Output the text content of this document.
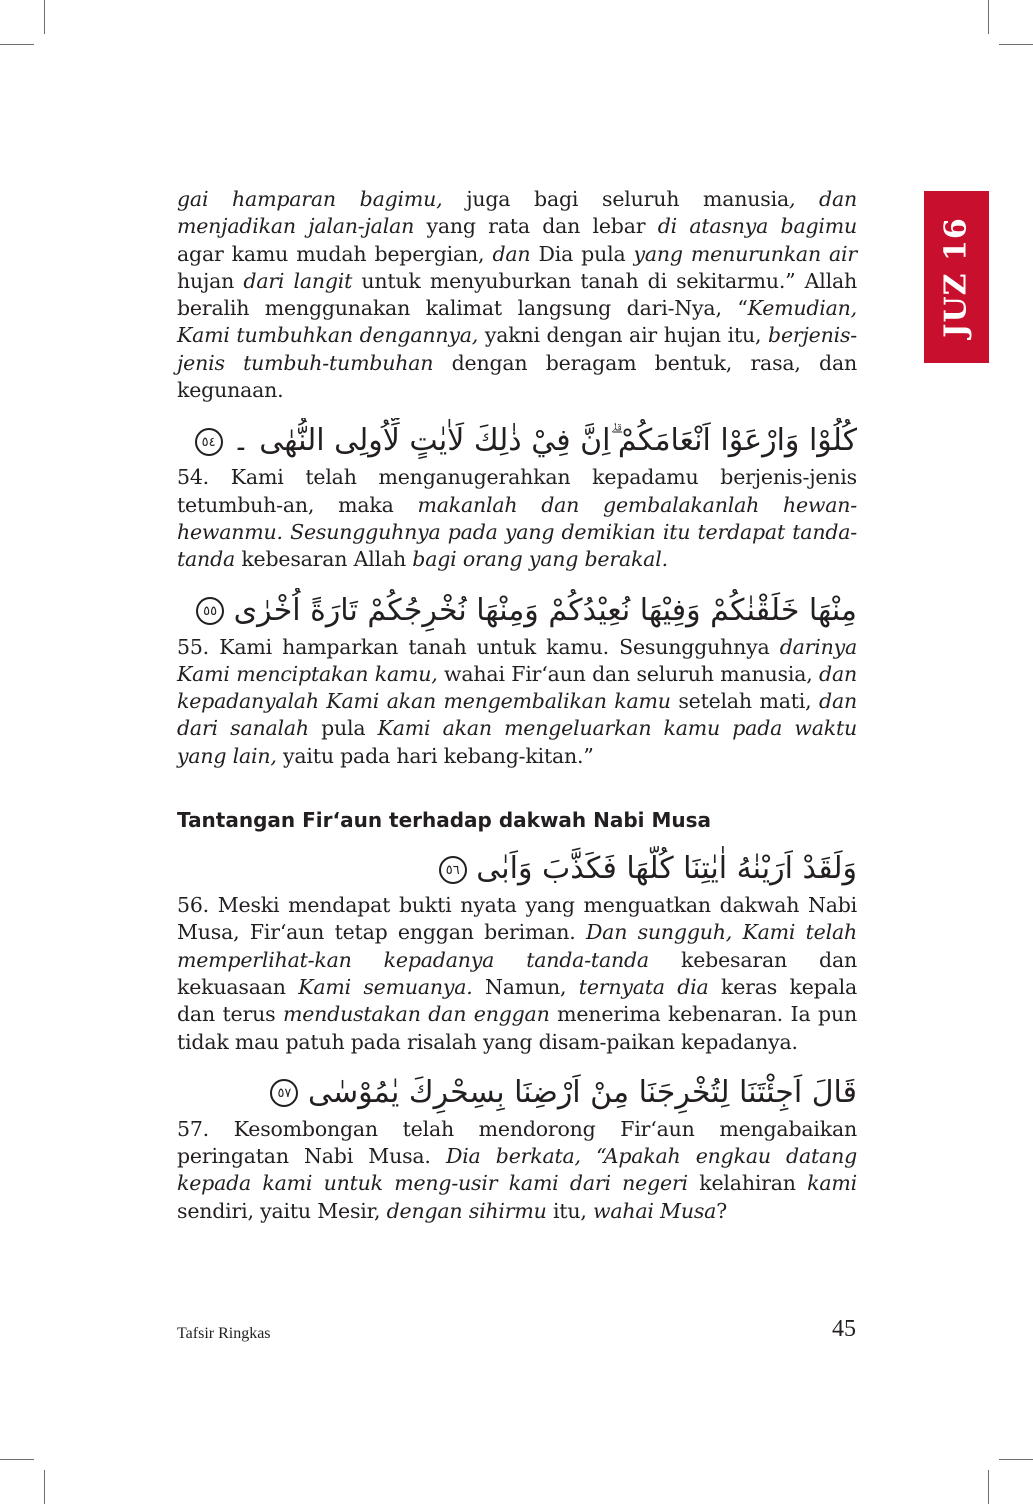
JUZ 16

gai hamparan bagimu, juga bagi seluruh manusia, dan menjadikan jalan-jalan yang rata dan lebar di atasnya bagimu agar kamu mudah bepergian, dan Dia pula yang menurunkan air hujan dari langit untuk menyuburkan tanah di sekitarmu.” Allah beralih menggunakan kalimat langsung dari-Nya, “Kemudian, Kami tumbuhkan dengannya, yakni dengan air hujan itu, berjenis-jenis tumbuh-tumbuhan dengan beragam bentuk, rasa, dan kegunaan.

كُلُوْا وَارْعَوْا اَنْعَامَكُمْ ۗاِنَّ فِيْ ذٰلِكَ لَاٰيٰتٍ لِّاُولِى النُّهٰى ۔ ٥٤

54. Kami telah menganugerahkan kepadamu berjenis-jenis tetumbuh-an, maka makanlah dan gembalakanlah hewan-hewanmu. Sesungguhnya pada yang demikian itu terdapat tanda-tanda kebesaran Allah bagi orang yang berakal.

مِنْهَا خَلَقْنٰكُمْ وَفِيْهَا نُعِيْدُكُمْ وَمِنْهَا نُخْرِجُكُمْ تَارَةً اُخْرٰى ٥٥

55. Kami hamparkan tanah untuk kamu. Sesungguhnya darinya Kami menciptakan kamu, wahai Fir‘aun dan seluruh manusia, dan kepadanyalah Kami akan mengembalikan kamu setelah mati, dan dari sanalah pula Kami akan mengeluarkan kamu pada waktu yang lain, yaitu pada hari kebang-kitan.”

Tantangan Fir‘aun terhadap dakwah Nabi Musa
وَلَقَدْ اَرَيْنٰهُ اٰيٰتِنَا كُلَّهَا فَكَذَّبَ وَاَبٰى ٥٦

56. Meski mendapat bukti nyata yang menguatkan dakwah Nabi Musa, Fir‘aun tetap enggan beriman. Dan sungguh, Kami telah memperlihat-kan kepadanya tanda-tanda kebesaran dan kekuasaan Kami semuanya. Namun, ternyata dia keras kepala dan terus mendustakan dan enggan menerima kebenaran. Ia pun tidak mau patuh pada risalah yang disam-paikan kepadanya.

قَالَ اَجِئْتَنَا لِتُخْرِجَنَا مِنْ اَرْضِنَا بِسِحْرِكَ يٰمُوْسٰى ٥٧

57. Kesombongan telah mendorong Fir‘aun mengabaikan peringatan Nabi Musa. Dia berkata, “Apakah engkau datang kepada kami untuk meng-usir kami dari negeri kelahiran kami sendiri, yaitu Mesir, dengan sihirmu itu, wahai Musa?

Tafsir Ringkas	45
